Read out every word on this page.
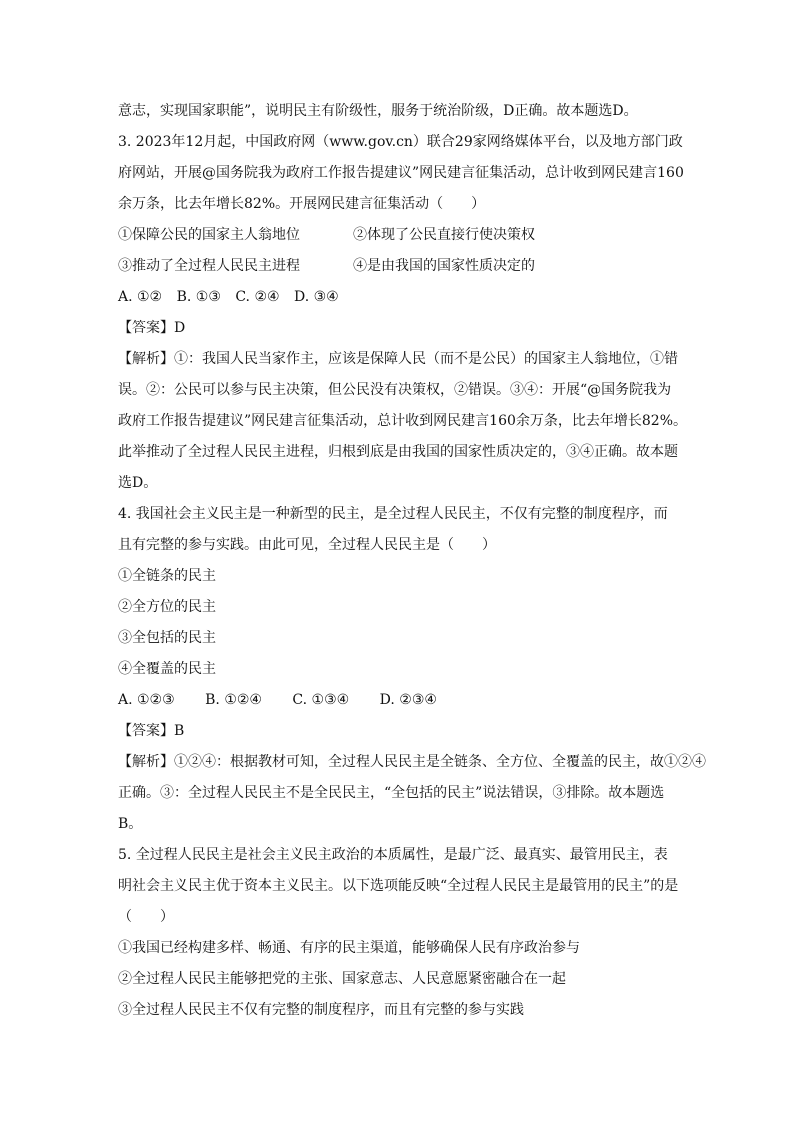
意志，实现国家职能”，说明民主有阶级性，服务于统治阶级，D正确。故本题选D。
3. 2023年12月起，中国政府网（www.gov.cn）联合29家网络媒体平台，以及地方部门政
府网站，开展@国务院我为政府工作报告提建议”网民建言征集活动，总计收到网民建言160
余万条，比去年增长82%。开展网民建言征集活动（　　）
①保障公民的国家主人翁地位	②体现了公民直接行使决策权
③推动了全过程人民民主进程	④是由我国的国家性质决定的
A. ①② B. ①③ C. ②④ D. ③④
【答案】D
【解析】①：我国人民当家作主，应该是保障人民（而不是公民）的国家主人翁地位，①错
误。②：公民可以参与民主决策，但公民没有决策权，②错误。③④：开展“@国务院我为
政府工作报告提建议”网民建言征集活动，总计收到网民建言160余万条，比去年增长82%。
此举推动了全过程人民民主进程，归根到底是由我国的国家性质决定的，③④正确。故本题
选D。
4. 我国社会主义民主是一种新型的民主，是全过程人民民主，不仅有完整的制度程序，而
且有完整的参与实践。由此可见，全过程人民民主是（　　）
①全链条的民主
②全方位的民主
③全包括的民主
④全覆盖的民主
A. ①②③ B. ①②④ C. ①③④ D. ②③④
【答案】B
【解析】①②④：根据教材可知，全过程人民民主是全链条、全方位、全覆盖的民主，故①②④
正确。③：全过程人民民主不是全民民主，“全包括的民主”说法错误，③排除。故本题选
B。
5. 全过程人民民主是社会主义民主政治的本质属性，是最广泛、最真实、最管用民主，表
明社会主义民主优于资本主义民主。以下选项能反映“全过程人民民主是最管用的民主”的是
（　　）
①我国已经构建多样、畅通、有序的民主渠道，能够确保人民有序政治参与
②全过程人民民主能够把党的主张、国家意志、人民意愿紧密融合在一起
③全过程人民民主不仅有完整的制度程序，而且有完整的参与实践
